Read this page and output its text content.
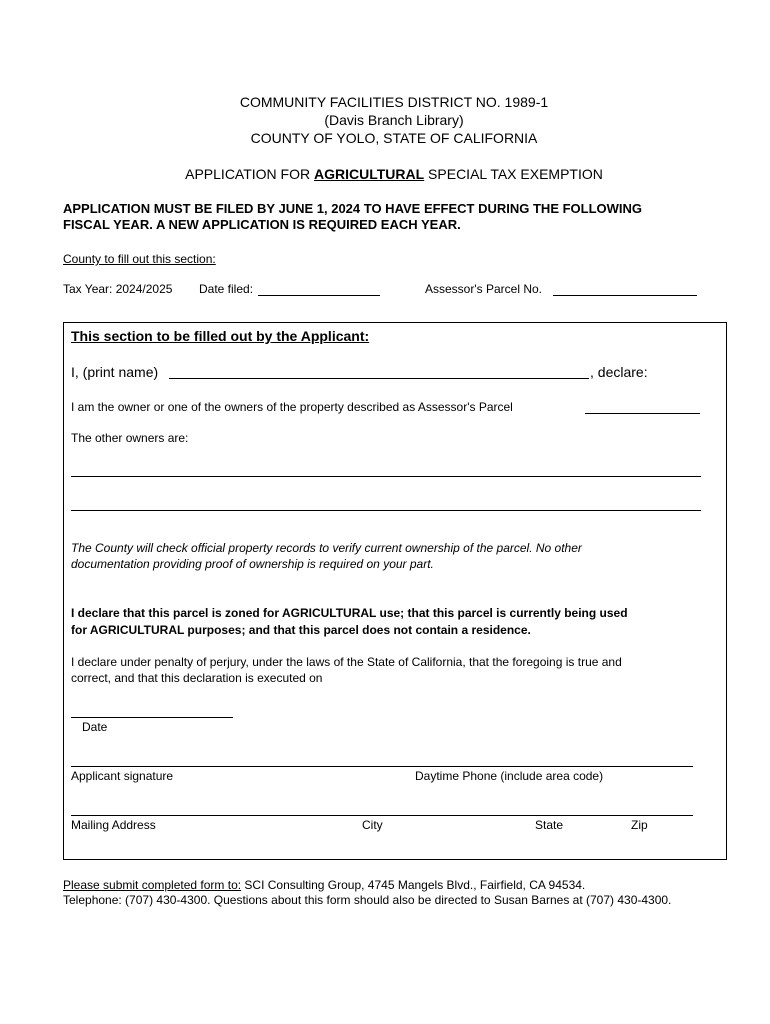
COMMUNITY FACILITIES DISTRICT NO. 1989-1
(Davis Branch Library)
COUNTY OF YOLO, STATE OF CALIFORNIA
APPLICATION FOR AGRICULTURAL SPECIAL TAX EXEMPTION
APPLICATION MUST BE FILED BY JUNE 1, 2024 TO HAVE EFFECT DURING THE FOLLOWING
FISCAL YEAR. A NEW APPLICATION IS REQUIRED EACH YEAR.
County to fill out this section:
Tax Year: 2024/2025 Date filed:	Assessor's Parcel No.
This section to be filled out by the Applicant:
I, (print name)	, declare:
I am the owner or one of the owners of the property described as Assessor's Parcel
The other owners are:
The County will check official property records to verify current ownership of the parcel. No other
documentation providing proof of ownership is required on your part.
I declare that this parcel is zoned for AGRICULTURAL use; that this parcel is currently being used
for AGRICULTURAL purposes; and that this parcel does not contain a residence.
I declare under penalty of perjury, under the laws of the State of California, that the foregoing is true and
correct, and that this declaration is executed on
Date
Applicant signature	Daytime Phone (include area code)
Mailing Address	City	State	Zip
Please submit completed form to: SCI Consulting Group, 4745 Mangels Blvd., Fairfield, CA 94534.
Telephone: (707) 430-4300. Questions about this form should also be directed to Susan Barnes at (707) 430-4300.
